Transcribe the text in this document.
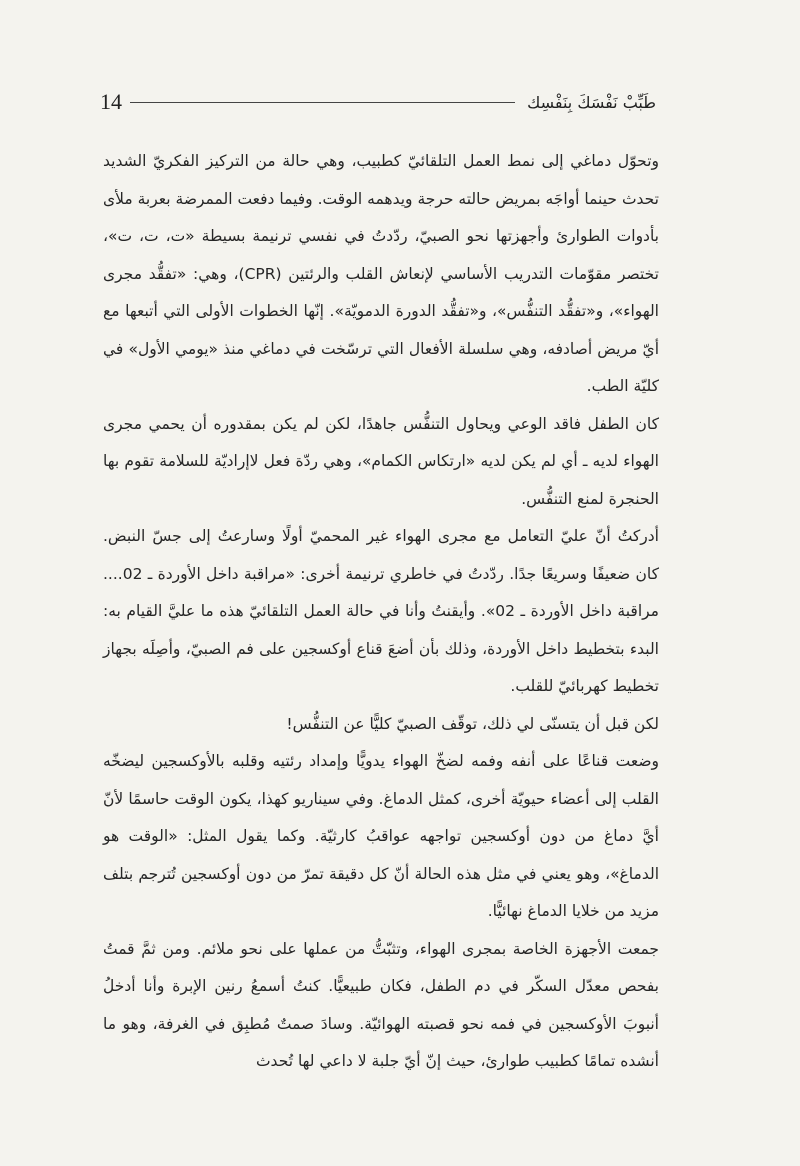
14	طَبِّبْ نَفْسَكَ بِنَفْسِك

وتحوّل دماغي إلى نمط العمل التلقائيّ كطبيب، وهي حالة من التركيز الفكريّ الشديد تحدث حينما أواجَه بمريض حالته حرجة ويدهمه الوقت. وفيما دفعت الممرضة بعربة ملأى بأدوات الطوارئ وأجهزتها نحو الصبيّ، ردّدتُ في نفسي ترنيمة بسيطة «ت، ت، ت»، تختصر مقوّمات التدريب الأساسي لإنعاش القلب والرئتين (CPR)، وهي: «تفقُّد مجرى الهواء»، و«تفقُّد التنفُّس»، و«تفقُّد الدورة الدمويّة». إنّها الخطوات الأولى التي أتبعها مع أيّ مريض أصادفه، وهي سلسلة الأفعال التي ترسّخت في دماغي منذ «يومي الأول» في كليّة الطب.

كان الطفل فاقد الوعي ويحاول التنفُّس جاهدًا، لكن لم يكن بمقدوره أن يحمي مجرى الهواء لديه ـ أي لم يكن لديه «ارتكاس الكمام»، وهي ردّة فعل لاإراديّة للسلامة تقوم بها الحنجرة لمنع التنفُّس.

أدركتُ أنّ عليّ التعامل مع مجرى الهواء غير المحميّ أولًا وسارعتُ إلى جسّ النبض. كان ضعيفًا وسريعًا جدًا. ردّدتُ في خاطري ترنيمة أخرى: «مراقبة داخل الأوردة ـ 02.... مراقبة داخل الأوردة ـ 02». وأيقنتُ وأنا في حالة العمل التلقائيّ هذه ما عليَّ القيام به: البدء بتخطيط داخل الأوردة، وذلك بأن أضعَ قناع أوكسجين على فم الصبيّ، وأصِلَه بجهاز تخطيط كهربائيّ للقلب.

لكن قبل أن يتسنّى لي ذلك، توقّف الصبيّ كليًّا عن التنفُّس!

وضعت قناعًا على أنفه وفمه لضخّ الهواء يدويًّا وإمداد رئتيه وقلبه بالأوكسجين ليضخّه القلب إلى أعضاء حيويّة أخرى، كمثل الدماغ. وفي سيناريو كهذا، يكون الوقت حاسمًا لأنّ أيَّ دماغ من دون أوكسجين تواجهه عواقبُ كارثيّة. وكما يقول المثل: «الوقت هو الدماغ»، وهو يعني في مثل هذه الحالة أنّ كل دقيقة تمرّ من دون أوكسجين تُترجم بتلف مزيد من خلايا الدماغ نهائيًّا.

جمعت الأجهزة الخاصة بمجرى الهواء، وتثبّتُّ من عملها على نحو ملائم. ومن ثمَّ قمتُ بفحص معدّل السكّر في دم الطفل، فكان طبيعيًّا. كنتُ أسمعُ رنين الإبرة وأنا أدخلُ أنبوبَ الأوكسجين في فمه نحو قصبته الهوائيّة. وسادَ صمتٌ مُطبِق في الغرفة، وهو ما أنشده تمامًا كطبيب طوارئ، حيث إنّ أيّ جلبة لا داعي لها تُحدث
